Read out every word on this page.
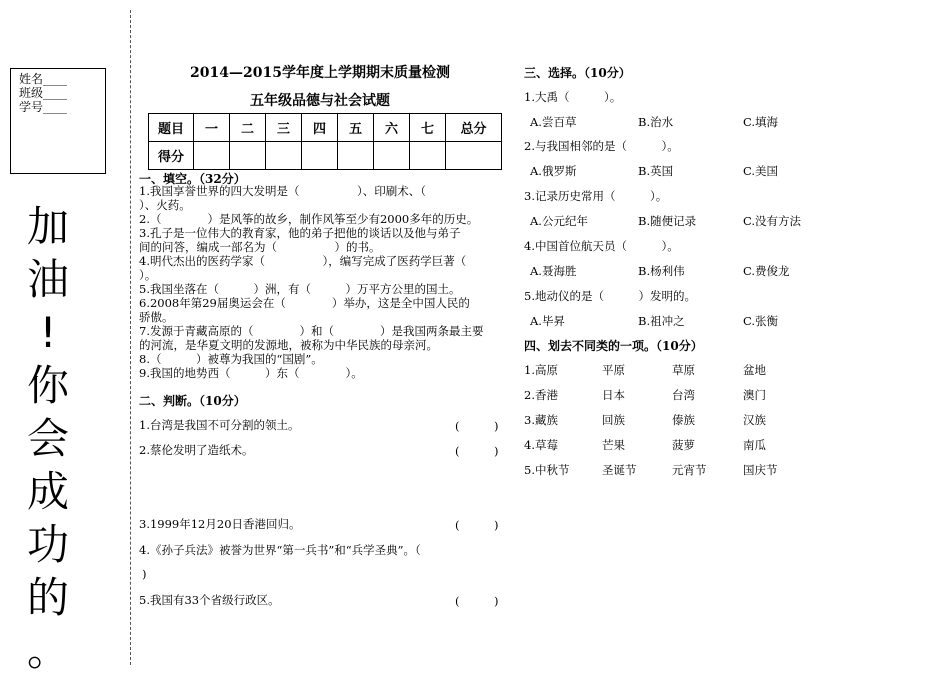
姓名____
班级____
学号____
加
油
!
你
会
成
功
的
。
2014—2015学年度上学期期末质量检测
五年级品德与社会试题
题目	一	二	三	四	五	六	七	总分
得分								
一、填空。（32分）
1.我国享誉世界的四大发明是（　　　　　）、印刷术、（
）、火药。
2.（　　　　）是风筝的故乡，制作风筝至少有2000多年的历史。
3.孔子是一位伟大的教育家，他的弟子把他的谈话以及他与弟子
间的问答，编成一部名为（　　　　　）的书。
4.明代杰出的医药学家（　　　　　），编写完成了医药学巨著（
）。
5.我国坐落在（　　　）洲，有（　　　）万平方公里的国土。
6.2008年第29届奥运会在（　　　　）举办，这是全中国人民的
骄傲。
7.发源于青藏高原的（　　　　）和（　　　　）是我国两条最主要
的河流，是华夏文明的发源地，被称为中华民族的母亲河。
8.（　　　）被尊为我国的“国剧”。
9.我国的地势西（　　　）东（　　　　）。
二、判断。（10分）
1.台湾是我国不可分割的领土。	(　　　)
2.蔡伦发明了造纸术。	(　　　)
3.1999年12月20日香港回归。	(　　　)
4.《孙子兵法》被誉为世界“第一兵书”和“兵学圣典”。（
)
5.我国有33个省级行政区。	(　　　)
三、选择。（10分）
1.大禹（　　　）。
A.尝百草	B.治水	C.填海
2.与我国相邻的是（　　　）。
A.俄罗斯	B.英国	C.美国
3.记录历史常用（　　　）。
A.公元纪年	B.随便记录	C.没有方法
4.中国首位航天员（　　　）。
A.聂海胜	B.杨利伟	C.费俊龙
5.地动仪的是（　　　）发明的。
A.毕昇	B.祖冲之	C.张衡
四、划去不同类的一项。（10分）
1.高原	平原	草原	盆地
2.香港	日本	台湾	澳门
3.藏族	回族	傣族	汉族
4.草莓	芒果	菠萝	南瓜
5.中秋节	圣诞节	元宵节	国庆节
